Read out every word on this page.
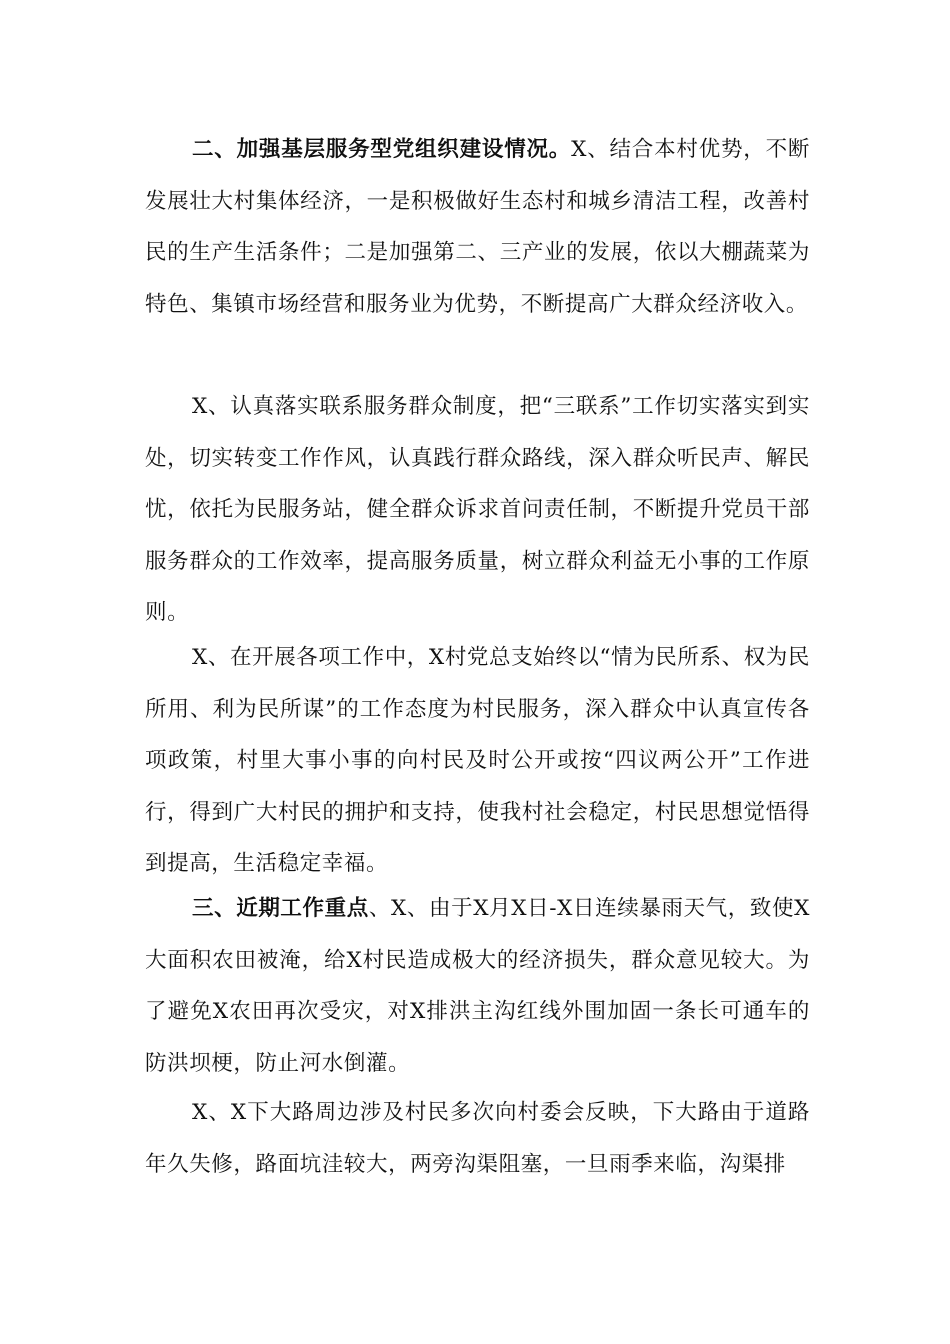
二、加强基层服务型党组织建设情况。X、结合本村优势，不断发展壮大村集体经济，一是积极做好生态村和城乡清洁工程，改善村民的生产生活条件；二是加强第二、三产业的发展，依以大棚蔬菜为特色、集镇市场经营和服务业为优势，不断提高广大群众经济收入。

X、认真落实联系服务群众制度，把“三联系”工作切实落实到实处，切实转变工作作风，认真践行群众路线，深入群众听民声、解民忧，依托为民服务站，健全群众诉求首问责任制，不断提升党员干部服务群众的工作效率，提高服务质量，树立群众利益无小事的工作原则。

X、在开展各项工作中，X村党总支始终以“情为民所系、权为民所用、利为民所谋”的工作态度为村民服务，深入群众中认真宣传各项政策，村里大事小事的向村民及时公开或按“四议两公开”工作进行，得到广大村民的拥护和支持，使我村社会稳定，村民思想觉悟得到提高，生活稳定幸福。

三、近期工作重点、X、由于X月X日-X日连续暴雨天气，致使X大面积农田被淹，给X村民造成极大的经济损失，群众意见较大。为了避免X农田再次受灾，对X排洪主沟红线外围加固一条长可通车的防洪坝梗，防止河水倒灌。

X、X下大路周边涉及村民多次向村委会反映，下大路由于道路年久失修，路面坑洼较大，两旁沟渠阻塞，一旦雨季来临，沟渠排
